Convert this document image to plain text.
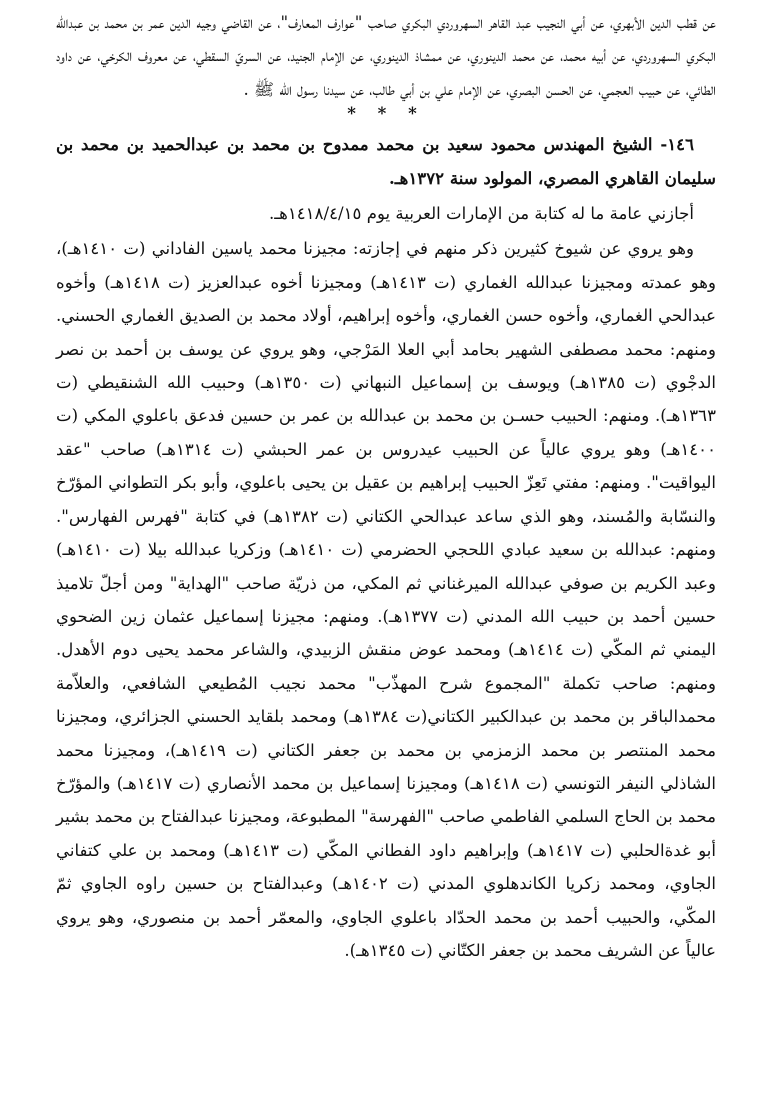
عن قطب الدين الأبهري، عن أبي النجيب عبد القاهر السهروردي البكري صاحب "عوارف المعارف"، عن القاضي وجيه الدين عمر بن محمد بن عبدالله البكري السهروردي، عن أبيه محمد، عن محمد الدينوري، عن ممشاذ الدينوري، عن الإمام الجنيد، عن السريّ السقطي، عن معروف الكرخي، عن داود الطائي، عن حبيب العجمي، عن الحسن البصري، عن الإمام علي بن أبي طالب، عن سيدنا رسول الله ﷺ .

* * *

١٤٦- الشيخ المهندس محمود سعيد بن محمد ممدوح بن محمد بن عبدالحميد بن محمد بن سليمان القاهري المصري، المولود سنة ١٣٧٢هـ.

أجازني عامة ما له كتابة من الإمارات العربية يوم ١٤١٨/٤/١٥هـ.

وهو يروي عن شيوخ كثيرين ذكر منهم في إجازته: مجيزنا محمد ياسين الفاداني (ت ١٤١٠هـ)، وهو عمدته ومجيزنا عبدالله الغماري (ت ١٤١٣هـ) ومجيزنا أخوه عبدالعزيز (ت ١٤١٨هـ) وأخوه عبدالحي الغماري، وأخوه حسن الغماري، وأخوه إبراهيم، أولاد محمد بن الصديق الغماري الحسني. ومنهم: محمد مصطفى الشهير بحامد أبي العلا المَرْجي، وهو يروي عن يوسف بن أحمد بن نصر الدجْوي (ت ١٣٨٥هـ) ويوسف بن إسماعيل النبهاني (ت ١٣٥٠هـ) وحبيب الله الشنقيطي (ت ١٣٦٣هـ). ومنهم: الحبيب حسـن بن محمد بن عبدالله بن عمر بن حسين فدعق باعلوي المكي (ت ١٤٠٠هـ) وهو يروي عالياً عن الحبيب عيدروس بن عمر الحبشي (ت ١٣١٤هـ) صاحب "عقد اليواقيت". ومنهم: مفتي تَعِزّ الحبيب إبراهيم بن عقيل بن يحيى باعلوي، وأبو بكر التطواني المؤرّخ والنسّابة والمُسند، وهو الذي ساعد عبدالحي الكتاني (ت ١٣٨٢هـ) في كتابة "فهرس الفهارس". ومنهم: عبدالله بن سعيد عبادي اللحجي الحضرمي (ت ١٤١٠هـ) وزكريا عبدالله بيلا (ت ١٤١٠هـ) وعبد الكريم بن صوفي عبدالله الميرغناني ثم المكي، من ذريّة صاحب "الهداية" ومن أجلّ تلاميذ حسين أحمد بن حبيب الله المدني (ت ١٣٧٧هـ). ومنهم: مجيزنا إسماعيل عثمان زين الضحوي اليمني ثم المكّي (ت ١٤١٤هـ) ومحمد عوض منقش الزبيدي، والشاعر محمد يحيى دوم الأهدل. ومنهم: صاحب تكملة "المجموع شرح المهذّب" محمد نجيب المُطيعي الشافعي، والعلاّمة محمدالباقر بن محمد بن عبدالكبير الكتاني(ت ١٣٨٤هـ) ومحمد بلقايد الحسني الجزائري، ومجيزنا محمد المنتصر بن محمد الزمزمي بن محمد بن جعفر الكتاني (ت ١٤١٩هـ)، ومجيزنا محمد الشاذلي النيفر التونسي (ت ١٤١٨هـ) ومجيزنا إسماعيل بن محمد الأنصاري (ت ١٤١٧هـ) والمؤرّخ محمد بن الحاج السلمي الفاطمي صاحب "الفهرسة" المطبوعة، ومجيزنا عبدالفتاح بن محمد بشير أبو غدةالحلبي (ت ١٤١٧هـ) وإبراهيم داود الفطاني المكّي (ت ١٤١٣هـ) ومحمد بن علي كتفاني الجاوي، ومحمد زكريا الكاندهلوي المدني (ت ١٤٠٢هـ) وعبدالفتاح بن حسين راوه الجاوي ثمّ المكّي، والحبيب أحمد بن محمد الحدّاد باعلوي الجاوي، والمعمّر أحمد بن منصوري، وهو يروي عالياً عن الشريف محمد بن جعفر الكتّاني (ت ١٣٤٥هـ).
